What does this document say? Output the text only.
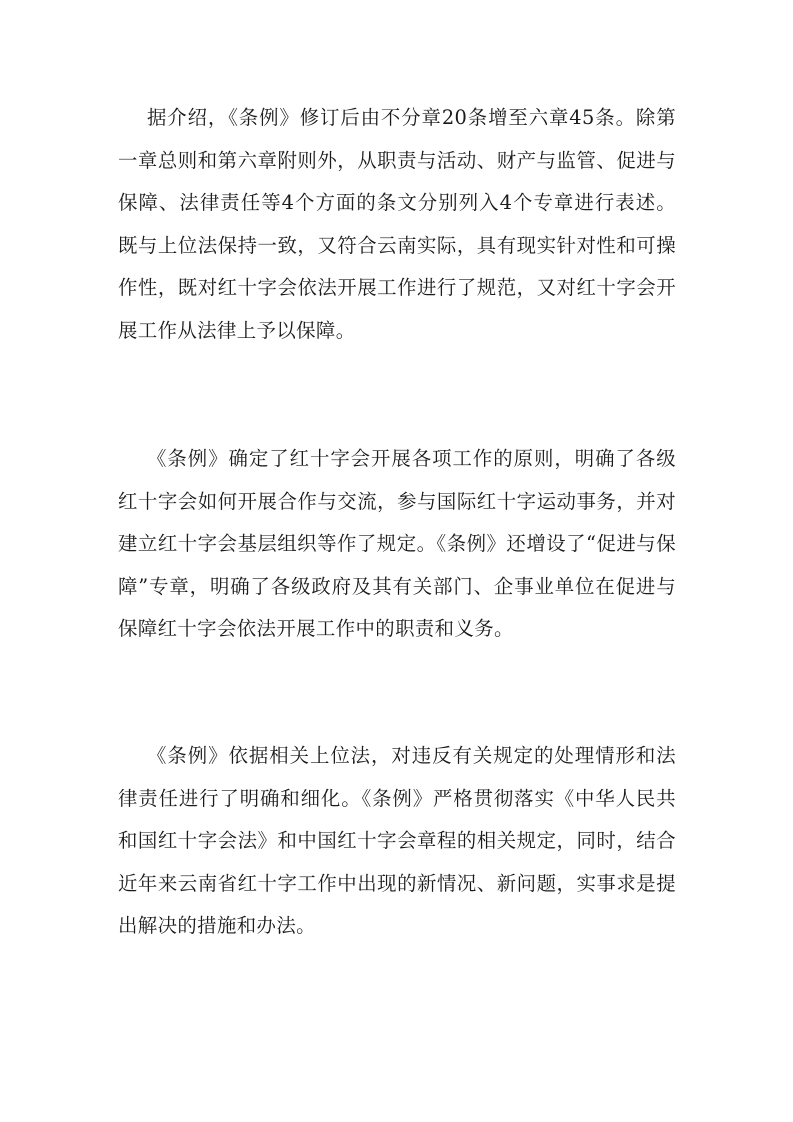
据介绍，《条例》修订后由不分章20条增至六章45条。除第一章总则和第六章附则外，从职责与活动、财产与监管、促进与保障、法律责任等4个方面的条文分别列入4个专章进行表述。既与上位法保持一致，又符合云南实际，具有现实针对性和可操作性，既对红十字会依法开展工作进行了规范，又对红十字会开展工作从法律上予以保障。

《条例》确定了红十字会开展各项工作的原则，明确了各级红十字会如何开展合作与交流，参与国际红十字运动事务，并对建立红十字会基层组织等作了规定。《条例》还增设了“促进与保障”专章，明确了各级政府及其有关部门、企事业单位在促进与保障红十字会依法开展工作中的职责和义务。

《条例》依据相关上位法，对违反有关规定的处理情形和法律责任进行了明确和细化。《条例》严格贯彻落实《中华人民共和国红十字会法》和中国红十字会章程的相关规定，同时，结合近年来云南省红十字工作中出现的新情况、新问题，实事求是提出解决的措施和办法。
